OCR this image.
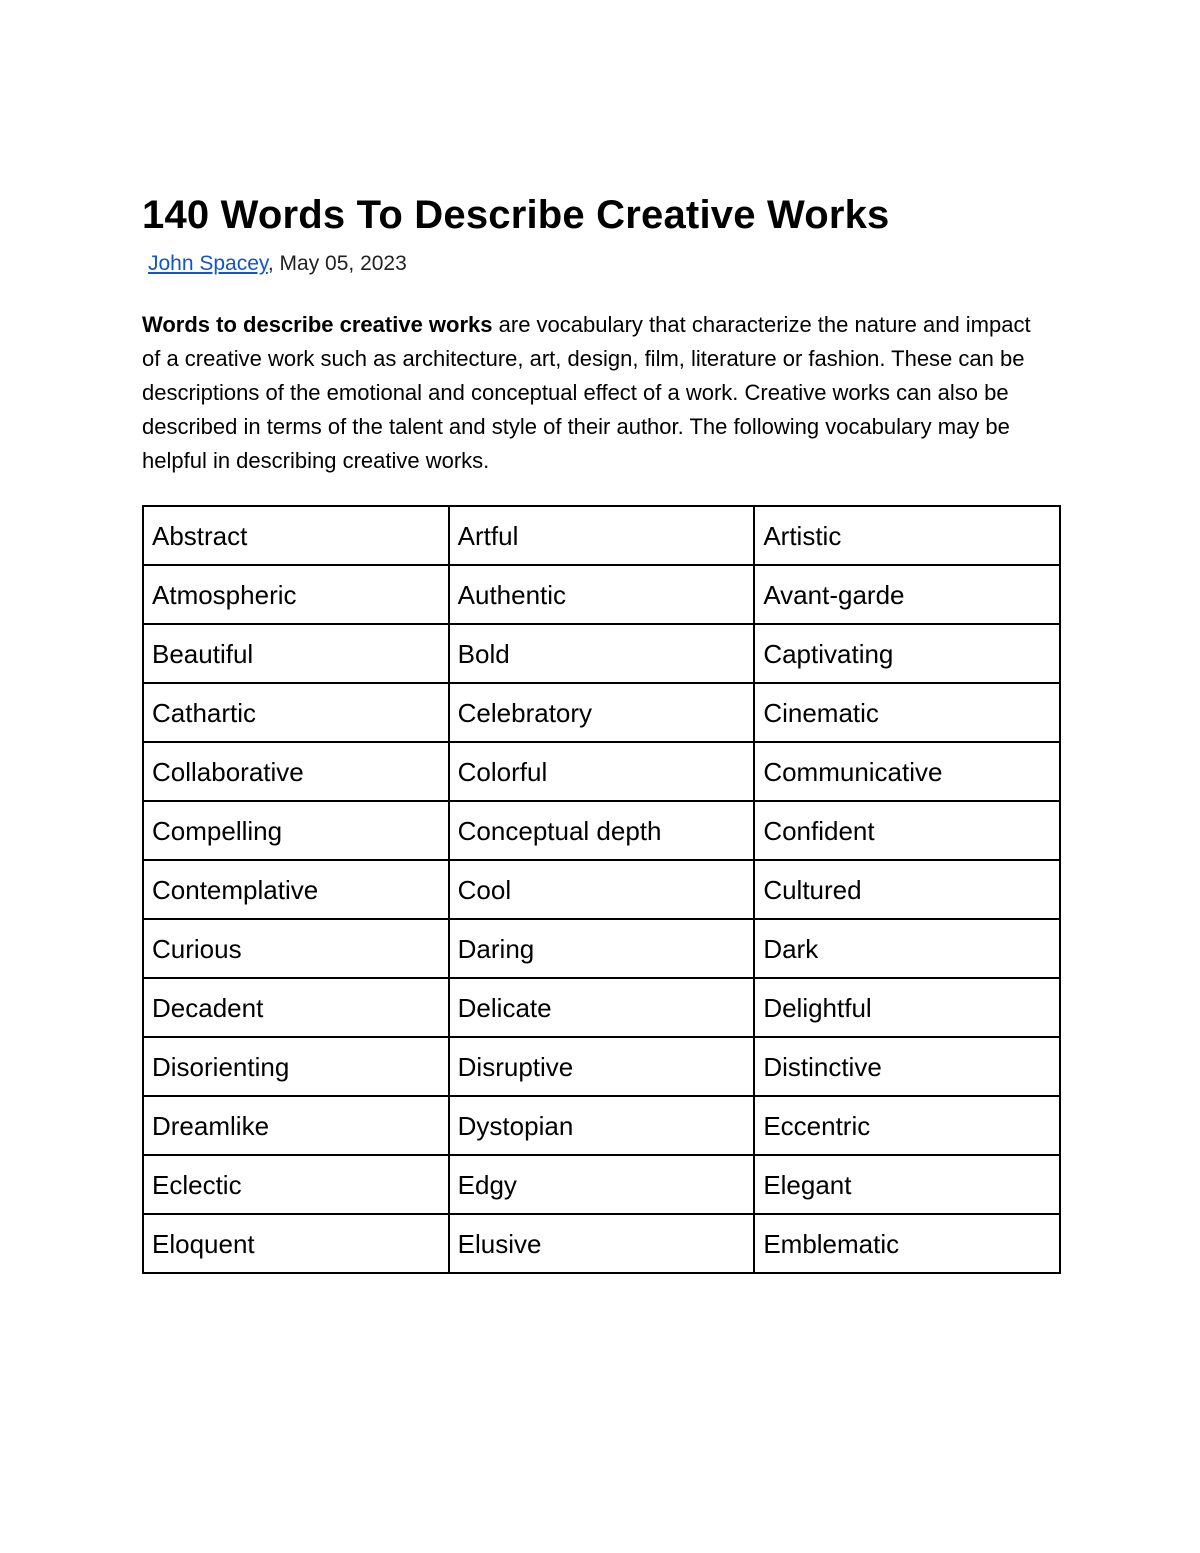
140 Words To Describe Creative Works
John Spacey, May 05, 2023

Words to describe creative works are vocabulary that characterize the nature and impact of a creative work such as architecture, art, design, film, literature or fashion. These can be descriptions of the emotional and conceptual effect of a work. Creative works can also be described in terms of the talent and style of their author. The following vocabulary may be helpful in describing creative works.

Abstract	Artful	Artistic
Atmospheric	Authentic	Avant-garde
Beautiful	Bold	Captivating
Cathartic	Celebratory	Cinematic
Collaborative	Colorful	Communicative
Compelling	Conceptual depth	Confident
Contemplative	Cool	Cultured
Curious	Daring	Dark
Decadent	Delicate	Delightful
Disorienting	Disruptive	Distinctive
Dreamlike	Dystopian	Eccentric
Eclectic	Edgy	Elegant
Eloquent	Elusive	Emblematic
